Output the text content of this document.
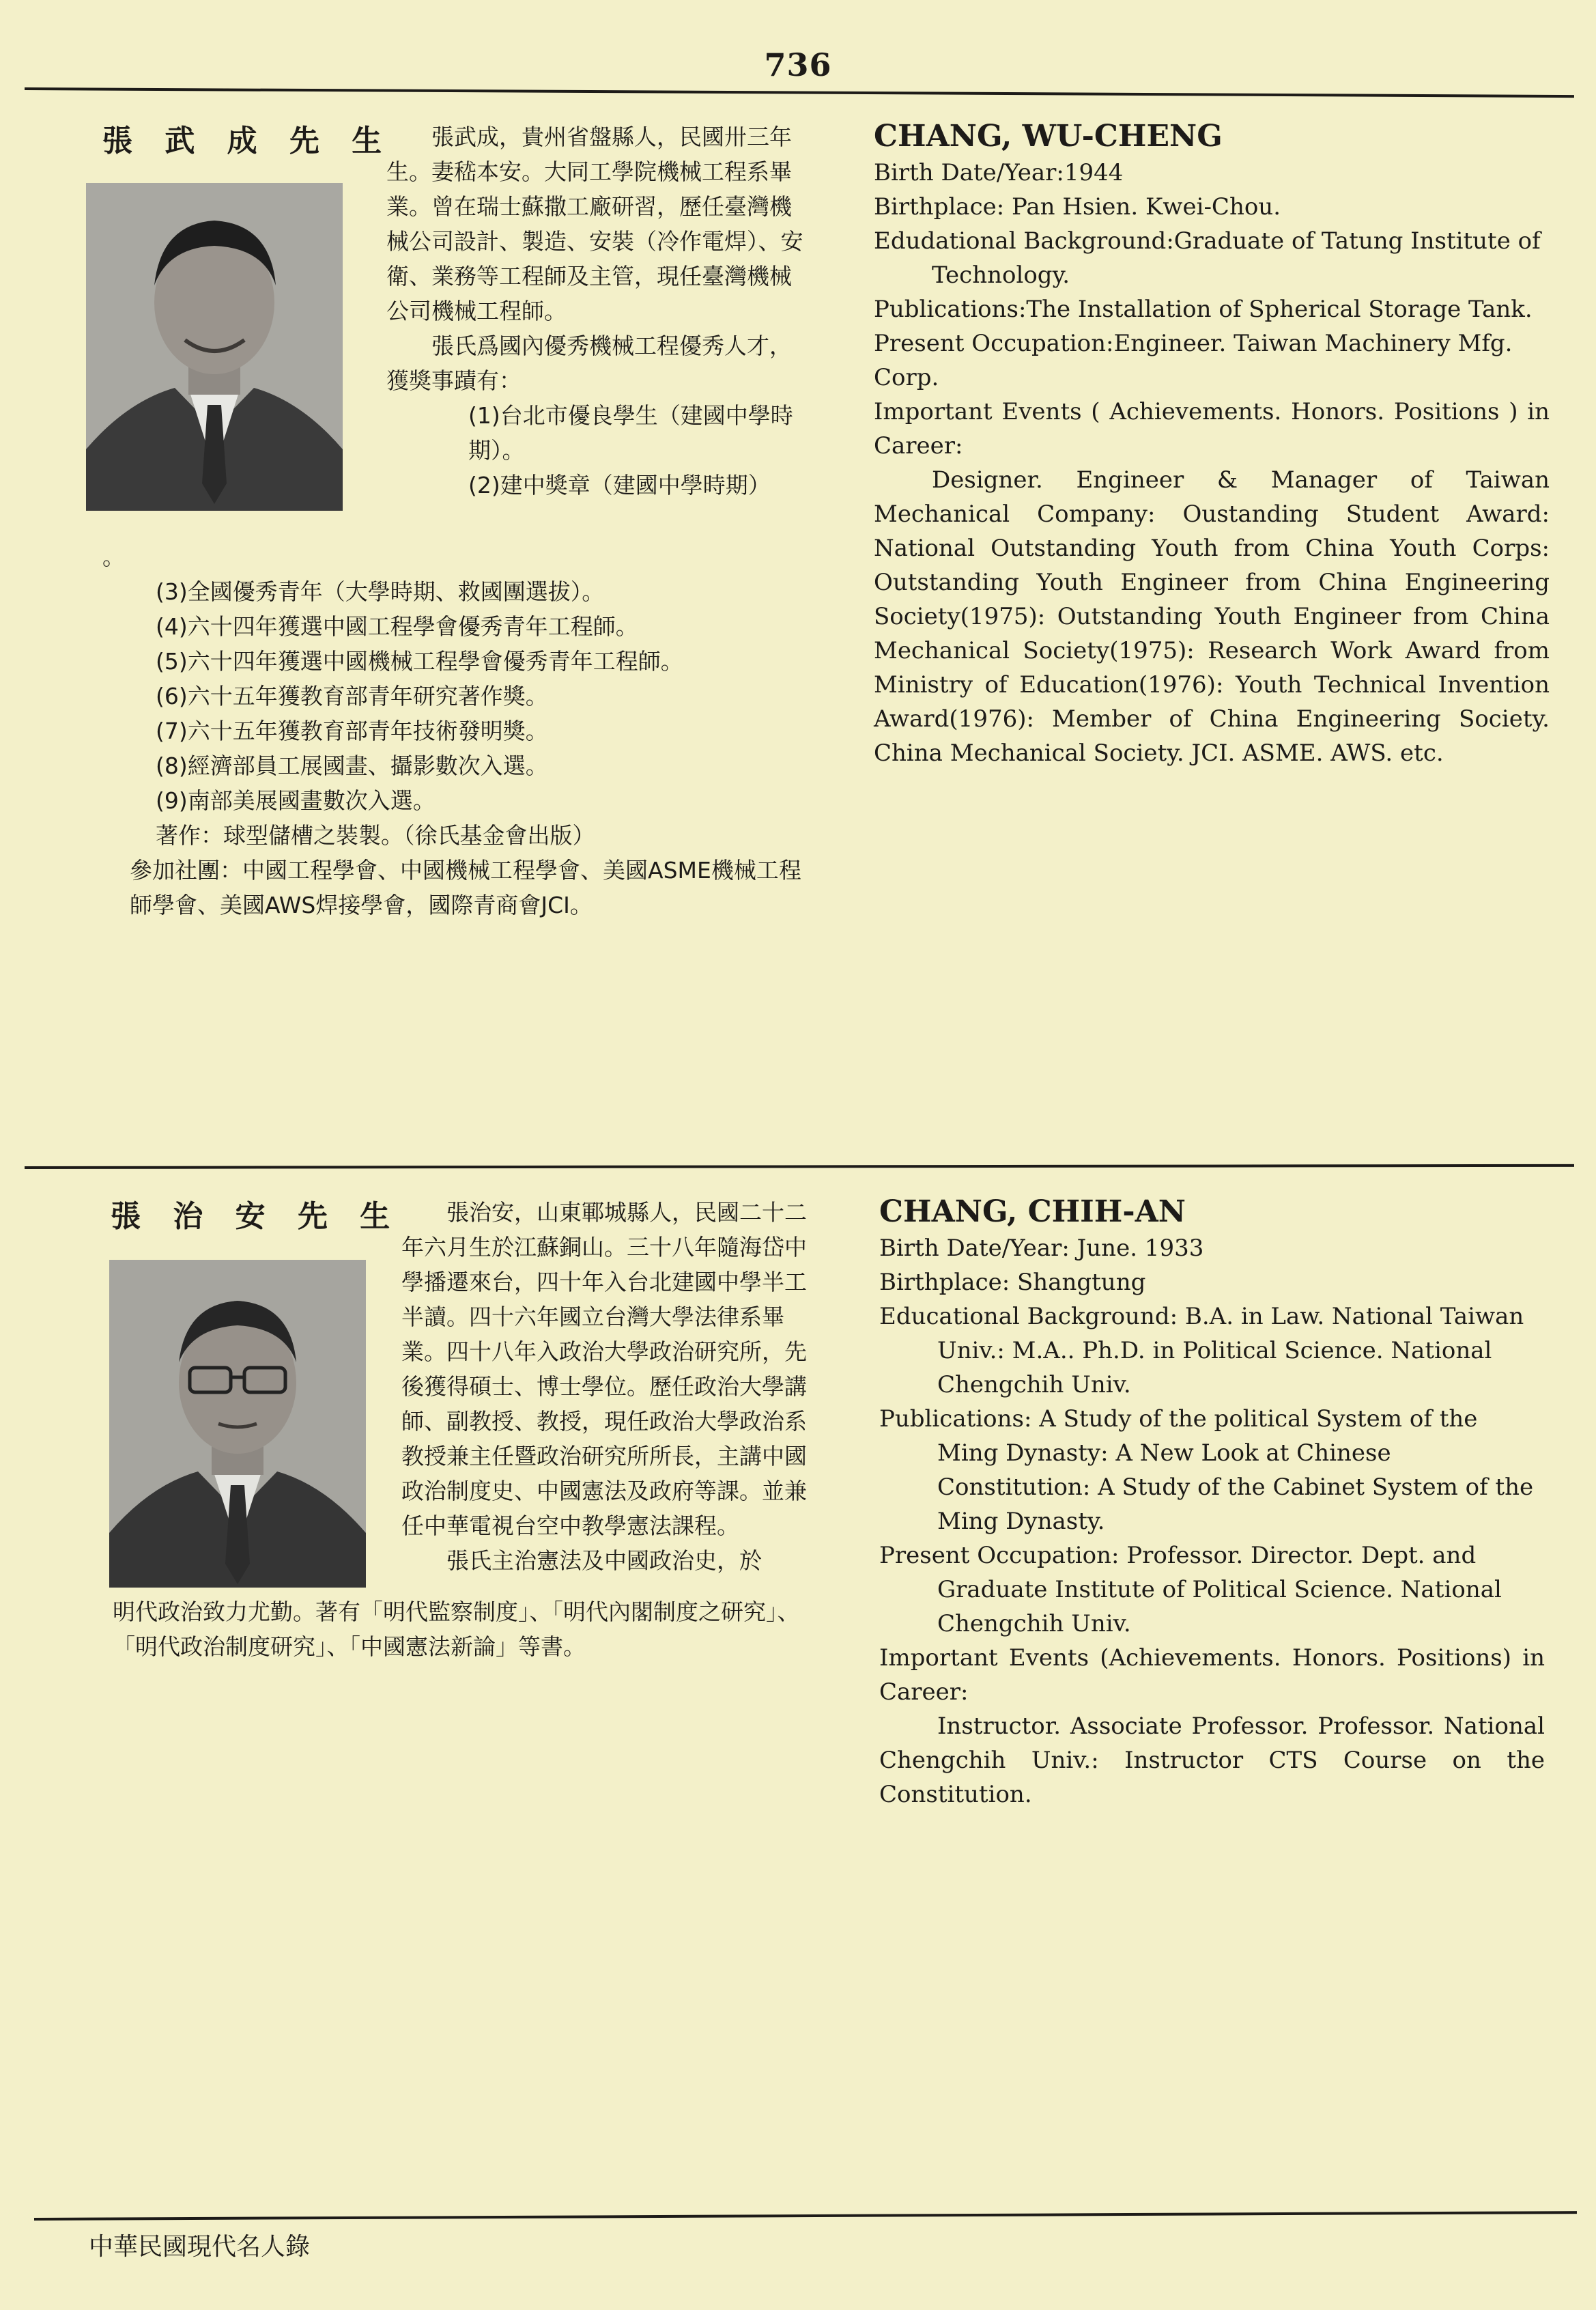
736
張 武 成 先 生	張武成，貴州省盤縣人，民國卅三年生。妻嵇本安。大同工學院機械工程系畢業。曾在瑞士蘇撒工廠研習，歷任臺灣機械公司設計、製造、安裝（冷作電焊）、安衛、業務等工程師及主管，現任臺灣機械公司機械工程師。

張氏爲國內優秀機械工程優秀人才，獲獎事蹟有：

(1)台北市優良學生（建國中學時期）。

(2)建中獎章（建國中學時期）

。

(3)全國優秀青年（大學時期、救國團選拔）。

(4)六十四年獲選中國工程學會優秀青年工程師。

(5)六十四年獲選中國機械工程學會優秀青年工程師。

(6)六十五年獲教育部青年研究著作獎。

(7)六十五年獲教育部青年技術發明獎。

(8)經濟部員工展國畫、攝影數次入選。

(9)南部美展國畫數次入選。

著作：球型儲槽之裝製。（徐氏基金會出版）

參加社團：中國工程學會、中國機械工程學會、美國ASME機械工程師學會、美國AWS焊接學會，國際青商會JCI。

CHANG, WU-CHENG

Birth Date/Year:1944

Birthplace: Pan Hsien. Kwei-Chou.

Edudational Background:Graduate of Tatung Institute of Technology.

Publications:The Installation of Spherical Storage Tank.

Present Occupation:Engineer. Taiwan Machinery Mfg. Corp.

Important Events ( Achievements. Honors. Positions ) in Career:

Designer. Engineer & Manager of Taiwan Mechanical Company: Oustanding Student Award: National Outstanding Youth from China Youth Corps: Outstanding Youth Engineer from China Engineering Society(1975): Outstanding Youth Engineer from China Mechanical Society(1975): Research Work Award from Ministry of Education(1976): Youth Technical Invention Award(1976): Member of China Engineering Society. China Mechanical Society. JCI. ASME. AWS. etc.

張 治 安 先 生	張治安，山東鄆城縣人，民國二十二年六月生於江蘇銅山。三十八年隨海岱中學播遷來台，四十年入台北建國中學半工半讀。四十六年國立台灣大學法律系畢業。四十八年入政治大學政治研究所，先後獲得碩士、博士學位。歷任政治大學講師、副教授、教授，現任政治大學政治系教授兼主任暨政治研究所所長，主講中國政治制度史、中國憲法及政府等課。並兼任中華電視台空中教學憲法課程。

張氏主治憲法及中國政治史，於

明代政治致力尤勤。著有「明代監察制度」、「明代內閣制度之研究」、「明代政治制度研究」、「中國憲法新論」等書。

CHANG, CHIH-AN

Birth Date/Year: June. 1933

Birthplace: Shangtung

Educational Background: B.A. in Law. National Taiwan Univ.: M.A.. Ph.D. in Political Science. National Chengchih Univ.

Publications: A Study of the political System of the Ming Dynasty: A New Look at Chinese Constitution: A Study of the Cabinet System of the Ming Dynasty.

Present Occupation: Professor. Director. Dept. and Graduate Institute of Political Science. National Chengchih Univ.

Important Events (Achievements. Honors. Positions) in Career:

Instructor. Associate Professor. Professor. National Chengchih Univ.: Instructor CTS Course on the Constitution.

中華民國現代名人錄
